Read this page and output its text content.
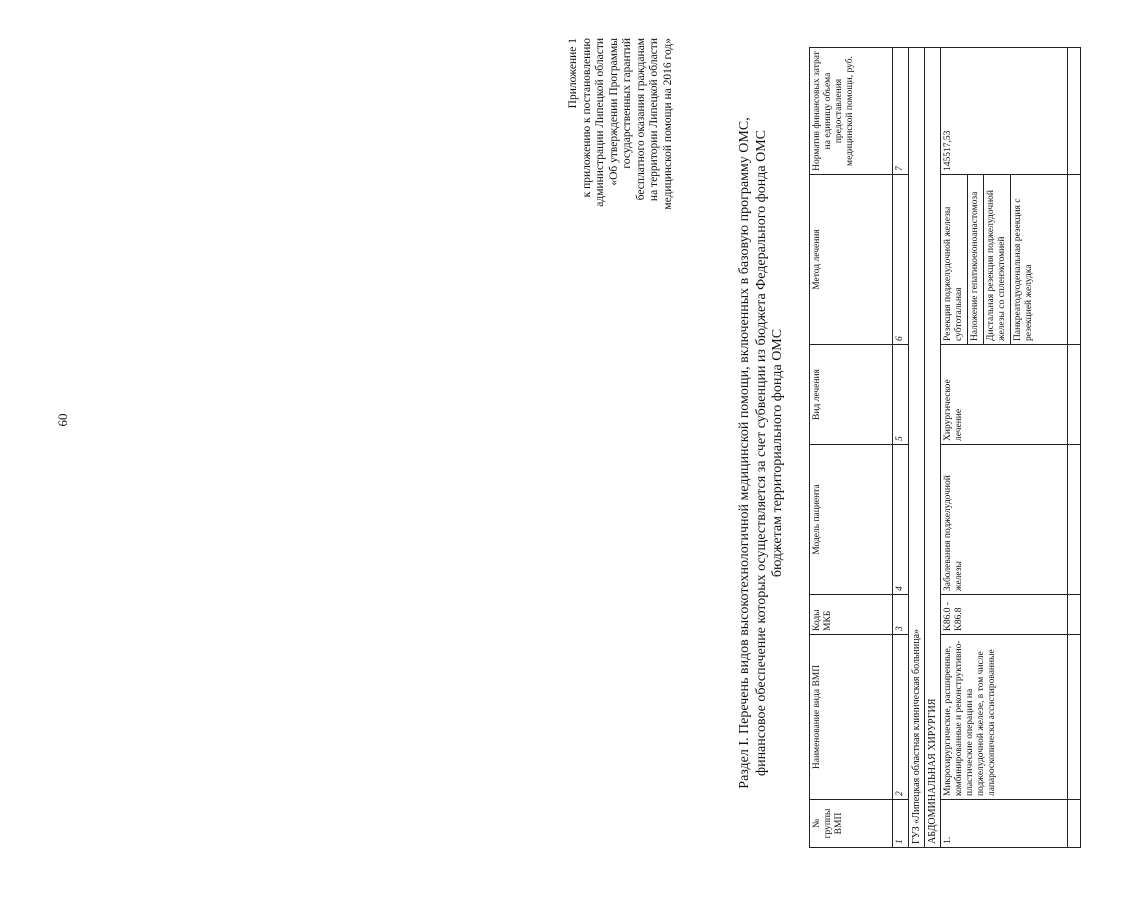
60
Приложение 1 к приложению к постановлению администрации Липецкой области «Об утверждении Программы государственных гарантий бесплатного оказания гражданам на территории Липецкой области медицинской помощи на 2016 год»	Раздел I. Перечень видов высокотехнологичной медицинской помощи, включенных в базовую программу ОМС, финансовое обеспечение которых осуществляется за счет субвенции из бюджета Федерального фонда ОМС бюджетам территориального фонда ОМС
№ группы ВМП	Наименование вида ВМП	Коды МКБ	Модель пациента	Вид лечения	Метод лечения	Норматив финансовых затрат на единицу объема предоставления медицинской помощи, руб.
1	2	3	4	5	6	7
ГУЗ «Липецкая областная клиническая больница»						
АБДОМИНАЛЬНАЯ ХИРУРГИЯ						
1.	Микрохирургические, расширенные, комбинированные и реконструктивно-пластические операции на поджелудочной железе, в том числе лапароскопически ассистированные	K86.0 - K86.8	Заболевания поджелудочной железы	Хирургическое лечение	Резекция поджелудочной железы субтотальная Наложение гепатикоеюноанастомоза Дистальная резекция поджелудочной железы со спленэктомией Панкреатодуоденальная резекция с резекцией желудка	145517,53
